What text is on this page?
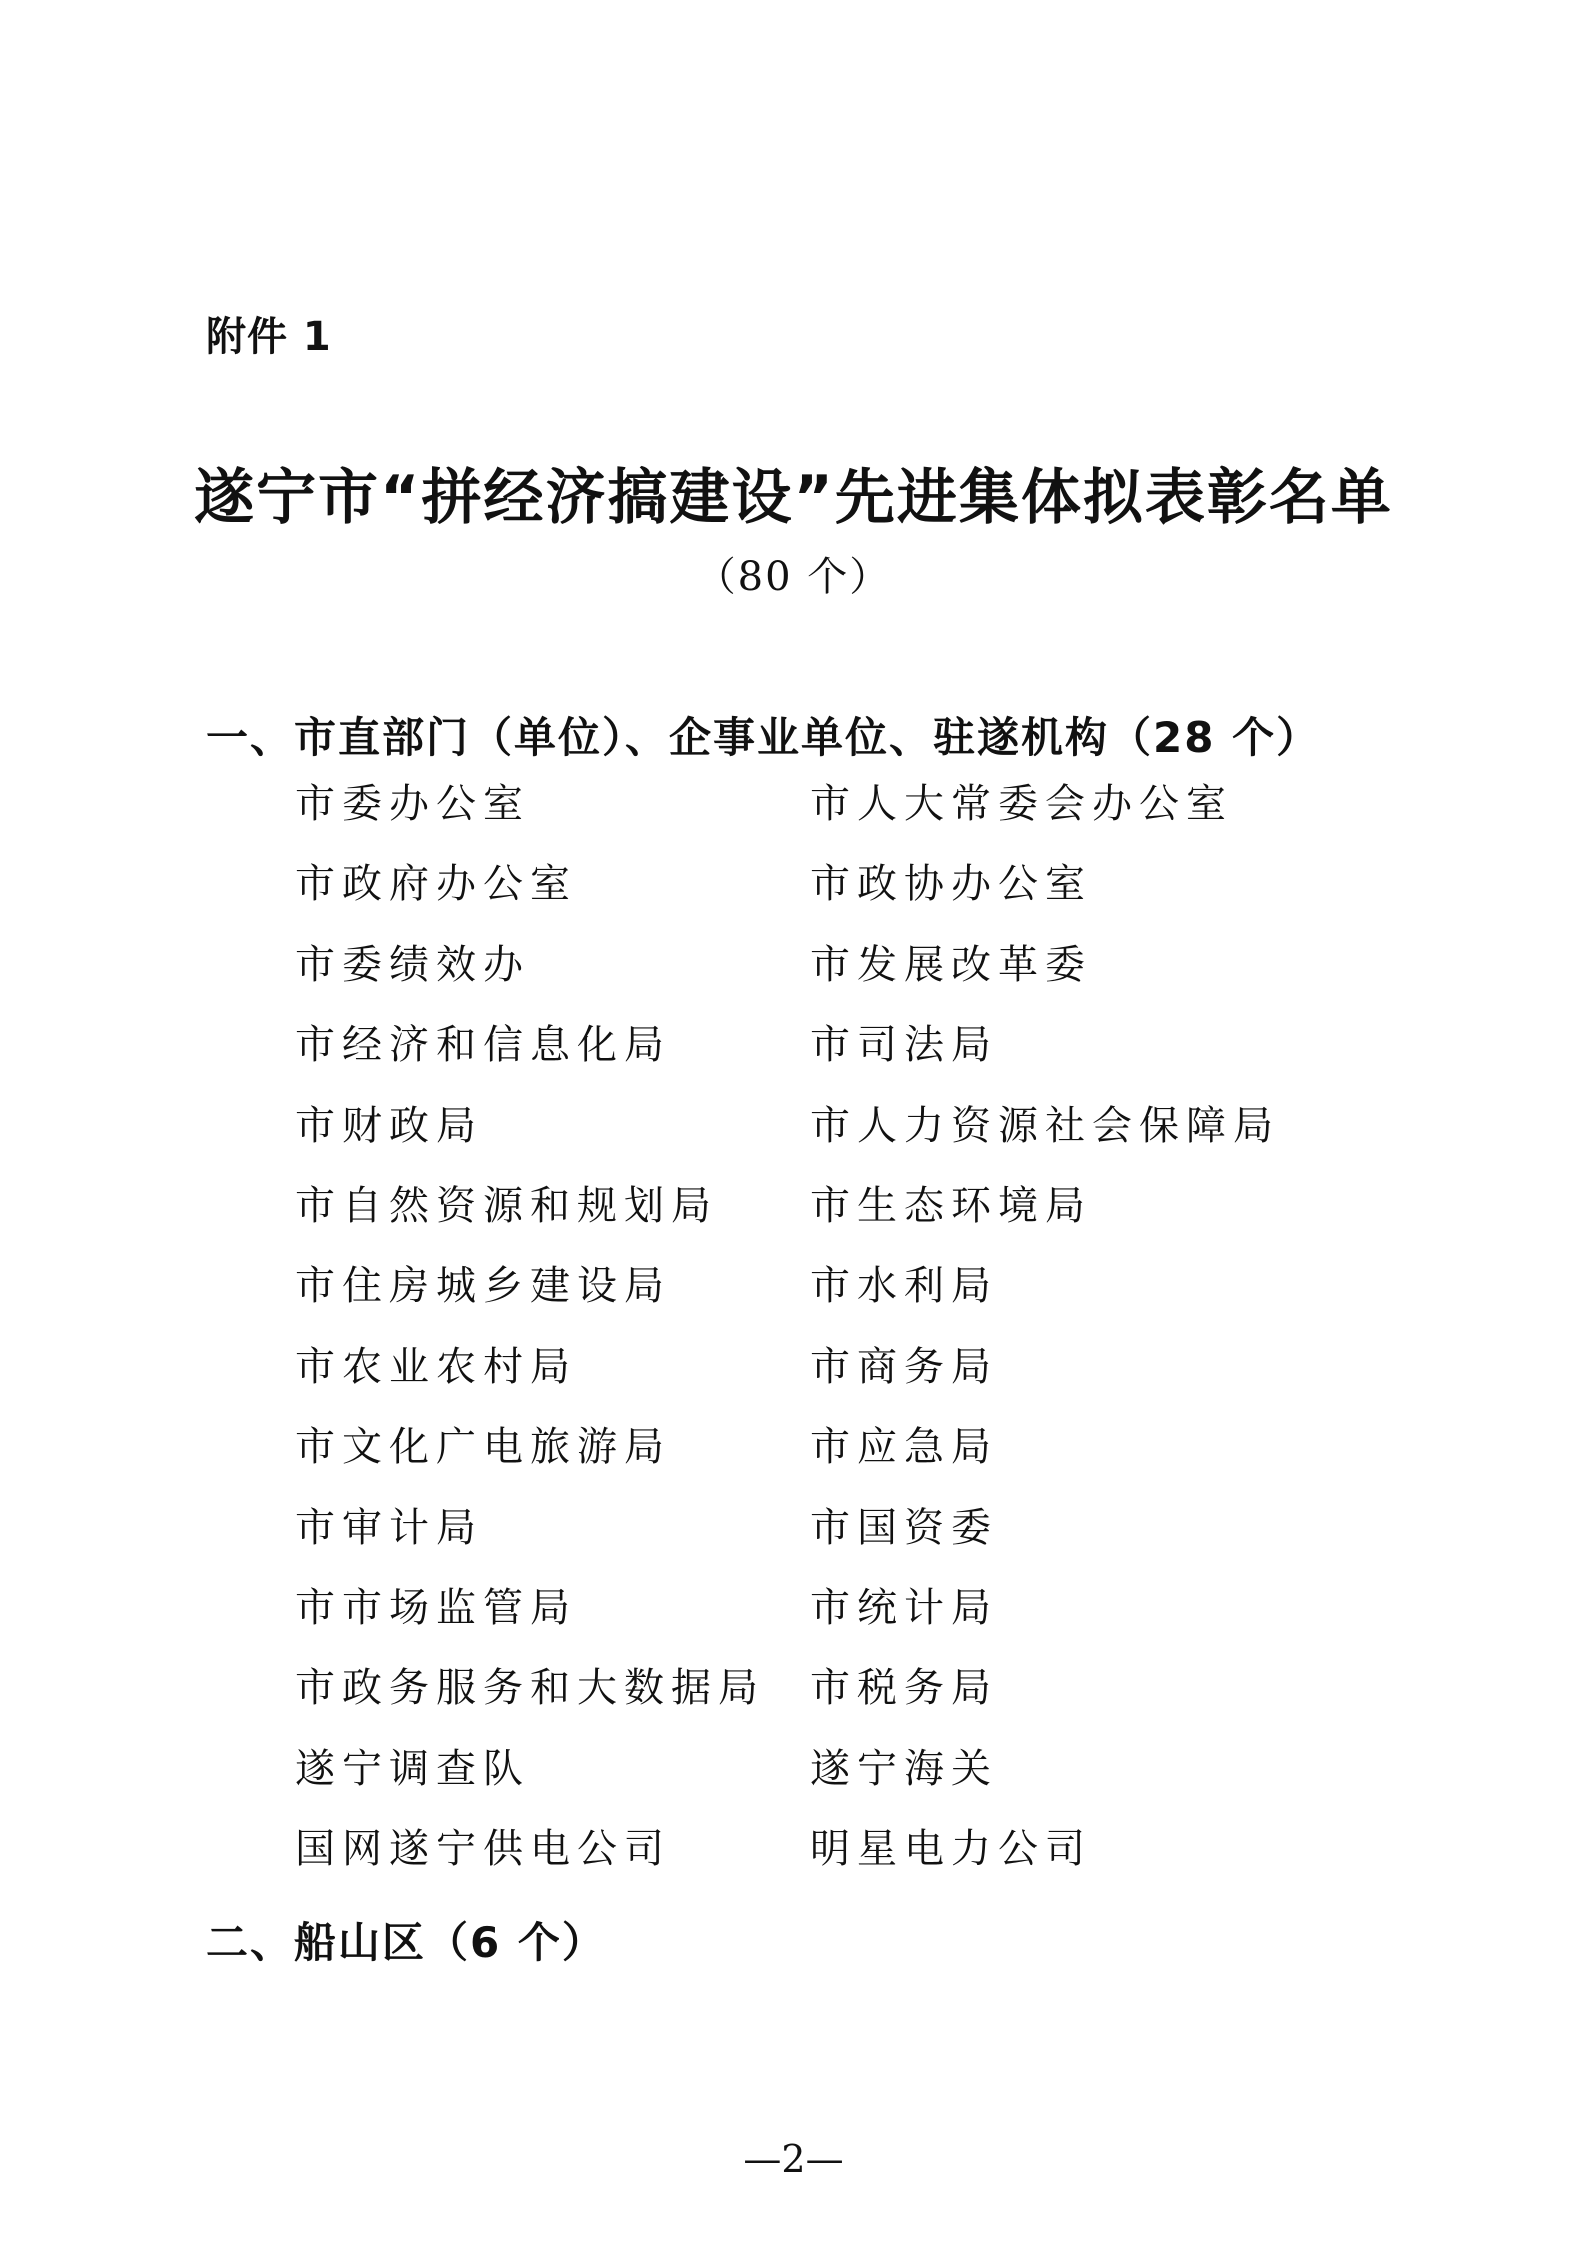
附件 1
遂宁市“拼经济搞建设”先进集体拟表彰名单
（80 个）
一、市直部门（单位）、企事业单位、驻遂机构（28 个）
市委办公室	市人大常委会办公室
市政府办公室	市政协办公室
市委绩效办	市发展改革委
市经济和信息化局	市司法局
市财政局	市人力资源社会保障局
市自然资源和规划局	市生态环境局
市住房城乡建设局	市水利局
市农业农村局	市商务局
市文化广电旅游局	市应急局
市审计局	市国资委
市市场监管局	市统计局
市政务服务和大数据局	市税务局
遂宁调查队	遂宁海关
国网遂宁供电公司	明星电力公司
二、船山区（6 个）
—2—
